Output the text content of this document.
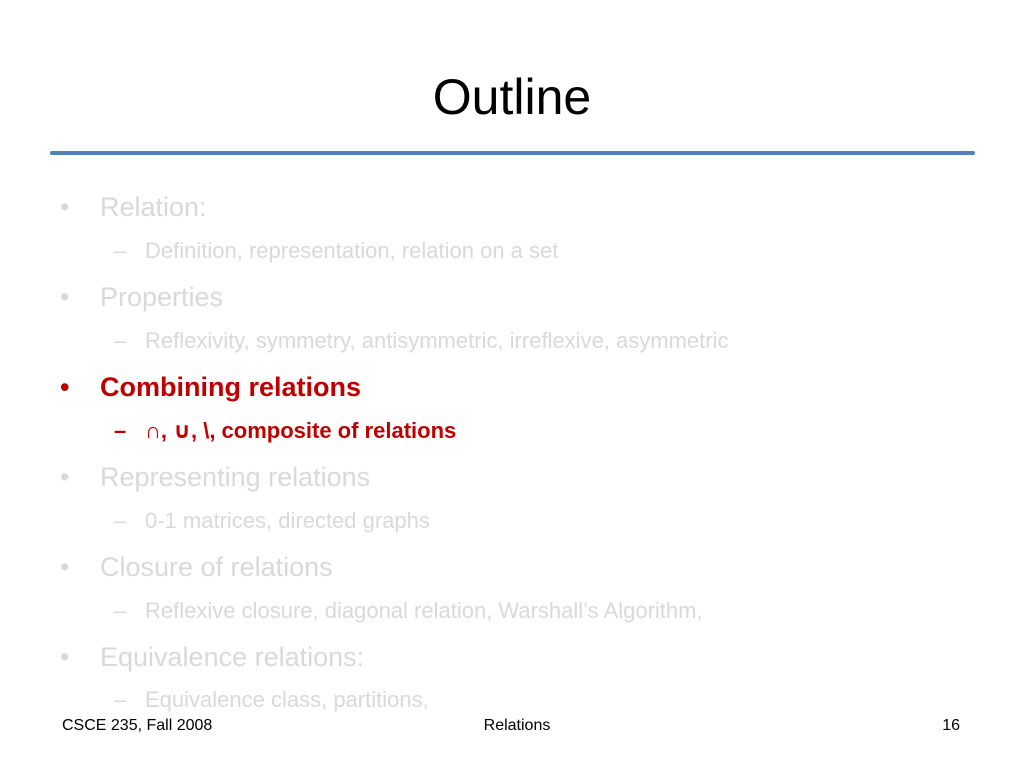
Outline
• Relation:
– Definition, representation, relation on a set
• Properties
– Reflexivity, symmetry, antisymmetric, irreflexive, asymmetric
• Combining relations
– ∩, ∪, \, composite of relations
• Representing relations
– 0-1 matrices, directed graphs
• Closure of relations
– Reflexive closure, diagonal relation, Warshall’s Algorithm,
• Equivalence relations:
– Equivalence class, partitions,
CSCE 235, Fall 2008	Relations	16
